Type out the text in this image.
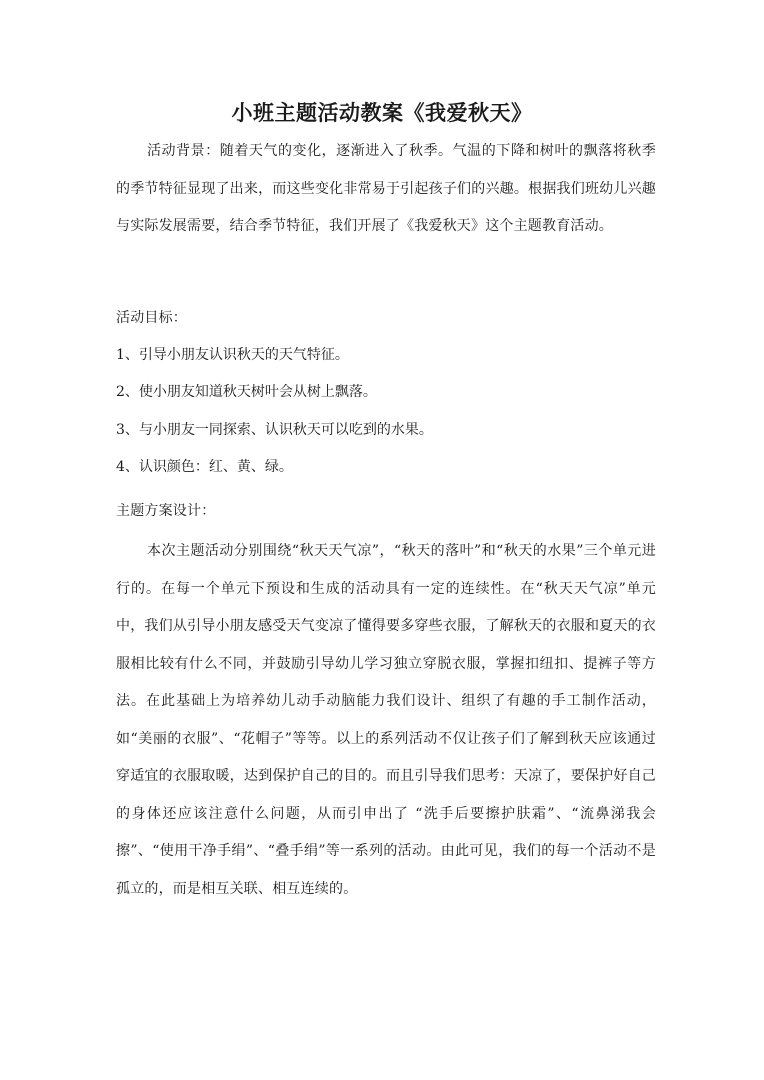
小班主题活动教案《我爱秋天》
活动背景：随着天气的变化，逐渐进入了秋季。气温的下降和树叶的飘落将秋季的季节特征显现了出来，而这些变化非常易于引起孩子们的兴趣。根据我们班幼儿兴趣与实际发展需要，结合季节特征，我们开展了《我爱秋天》这个主题教育活动。
活动目标：
1、引导小朋友认识秋天的天气特征。
2、使小朋友知道秋天树叶会从树上飘落。
3、与小朋友一同探索、认识秋天可以吃到的水果。
4、认识颜色：红、黄、绿。
主题方案设计：
本次主题活动分别围绕“秋天天气凉”，“秋天的落叶”和“秋天的水果”三个单元进行的。在每一个单元下预设和生成的活动具有一定的连续性。在“秋天天气凉”单元中，我们从引导小朋友感受天气变凉了懂得要多穿些衣服，了解秋天的衣服和夏天的衣服相比较有什么不同，并鼓励引导幼儿学习独立穿脱衣服，掌握扣纽扣、提裤子等方法。在此基础上为培养幼儿动手动脑能力我们设计、组织了有趣的手工制作活动，如“美丽的衣服”、“花帽子”等等。以上的系列活动不仅让孩子们了解到秋天应该通过穿适宜的衣服取暖，达到保护自己的目的。而且引导我们思考：天凉了，要保护好自己的身体还应该注意什么问题，从而引申出了 “洗手后要擦护肤霜”、“流鼻涕我会擦”、“使用干净手绢”、“叠手绢”等一系列的活动。由此可见，我们的每一个活动不是孤立的，而是相互关联、相互连续的。
